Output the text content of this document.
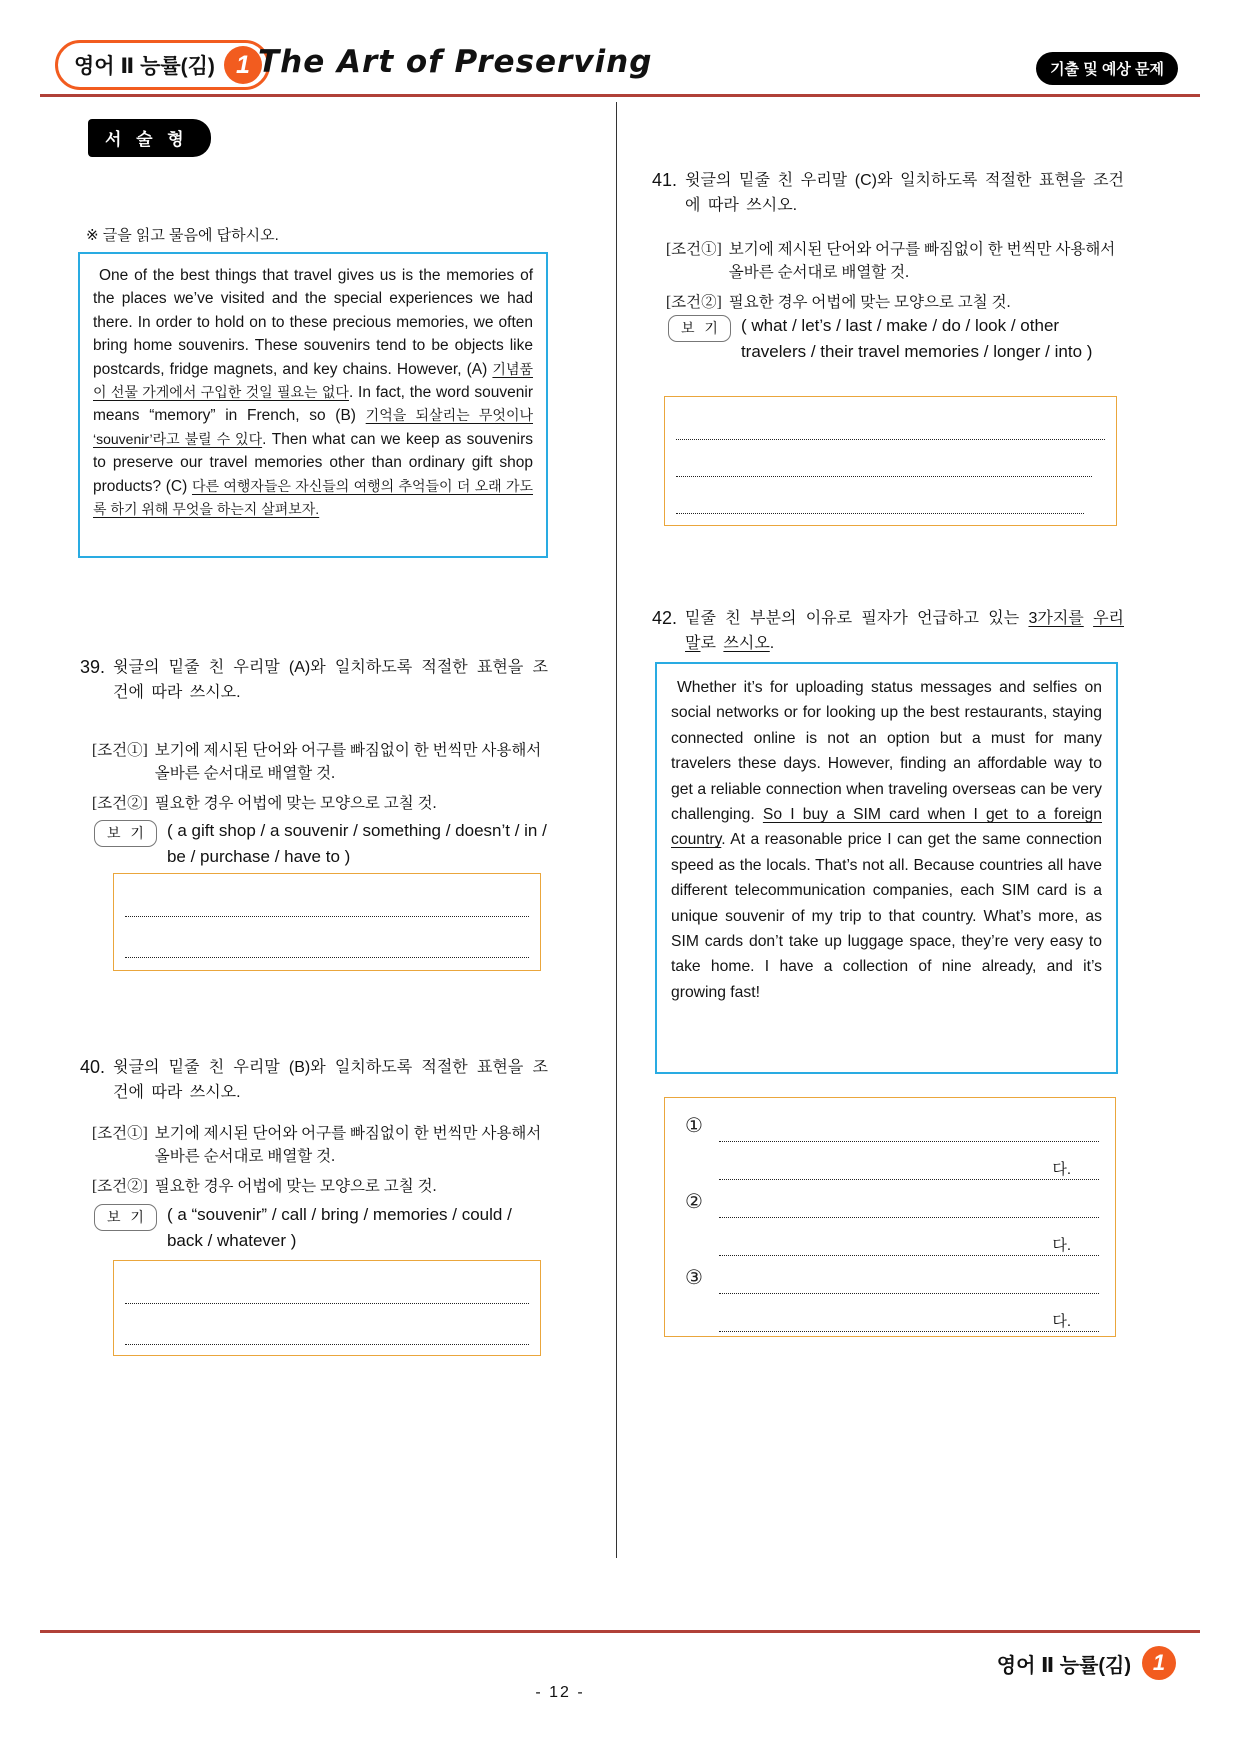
영어 Ⅱ 능률(김) 1 The Art of Preserving	기출 및 예상 문제
서 술 형
※ 글을 읽고 물음에 답하시오.
One of the best things that travel gives us is the memories of the places we’ve visited and the special experiences we had there. In order to hold on to these precious memories, we often bring home souvenirs. These souvenirs tend to be objects like postcards, fridge magnets, and key chains. However, (A) 기념품이 선물 가게에서 구입한 것일 필요는 없다. In fact, the word souvenir means “memory” in French, so (B) 기억을 되살리는 무엇이나 ‘souvenir’라고 불릴 수 있다. Then what can we keep as souvenirs to preserve our travel memories other than ordinary gift shop products? (C) 다른 여행자들은 자신들의 여행의 추억들이 더 오래 가도록 하기 위해 무엇을 하는지 살펴보자.
39. 윗글의 밑줄 친 우리말 (A)와 일치하도록 적절한 표현을 조건에 따라 쓰시오.
[조건①] 보기에 제시된 단어와 어구를 빠짐없이 한 번씩만 사용해서 올바른 순서대로 배열할 것.
[조건②] 필요한 경우 어법에 맞는 모양으로 고칠 것.
보 기	( a gift shop / a souvenir / something / doesn’t / in / be / purchase / have to )
40. 윗글의 밑줄 친 우리말 (B)와 일치하도록 적절한 표현을 조건에 따라 쓰시오.
[조건①] 보기에 제시된 단어와 어구를 빠짐없이 한 번씩만 사용해서 올바른 순서대로 배열할 것.
[조건②] 필요한 경우 어법에 맞는 모양으로 고칠 것.
보 기	( a “souvenir” / call / bring / memories / could / back / whatever )
41. 윗글의 밑줄 친 우리말 (C)와 일치하도록 적절한 표현을 조건에 따라 쓰시오.
[조건①] 보기에 제시된 단어와 어구를 빠짐없이 한 번씩만 사용해서 올바른 순서대로 배열할 것.
[조건②] 필요한 경우 어법에 맞는 모양으로 고칠 것.
보 기	( what / let’s / last / make / do / look / other travelers / their travel memories / longer / into )
42. 밑줄 친 부분의 이유로 필자가 언급하고 있는 3가지를 우리말로 쓰시오.
Whether it’s for uploading status messages and selfies on social networks or for looking up the best restaurants, staying connected online is not an option but a must for many travelers these days. However, finding an affordable way to get a reliable connection when traveling overseas can be very challenging. So I buy a SIM card when I get to a foreign country. At a reasonable price I can get the same connection speed as the locals. That’s not all. Because countries all have different telecommunication companies, each SIM card is a unique souvenir of my trip to that country. What’s more, as SIM cards don’t take up luggage space, they’re very easy to take home. I have a collection of nine already, and it’s growing fast!
①
다.
②
다.
③
다.
영어 Ⅱ 능률(김) 1
- 12 -
